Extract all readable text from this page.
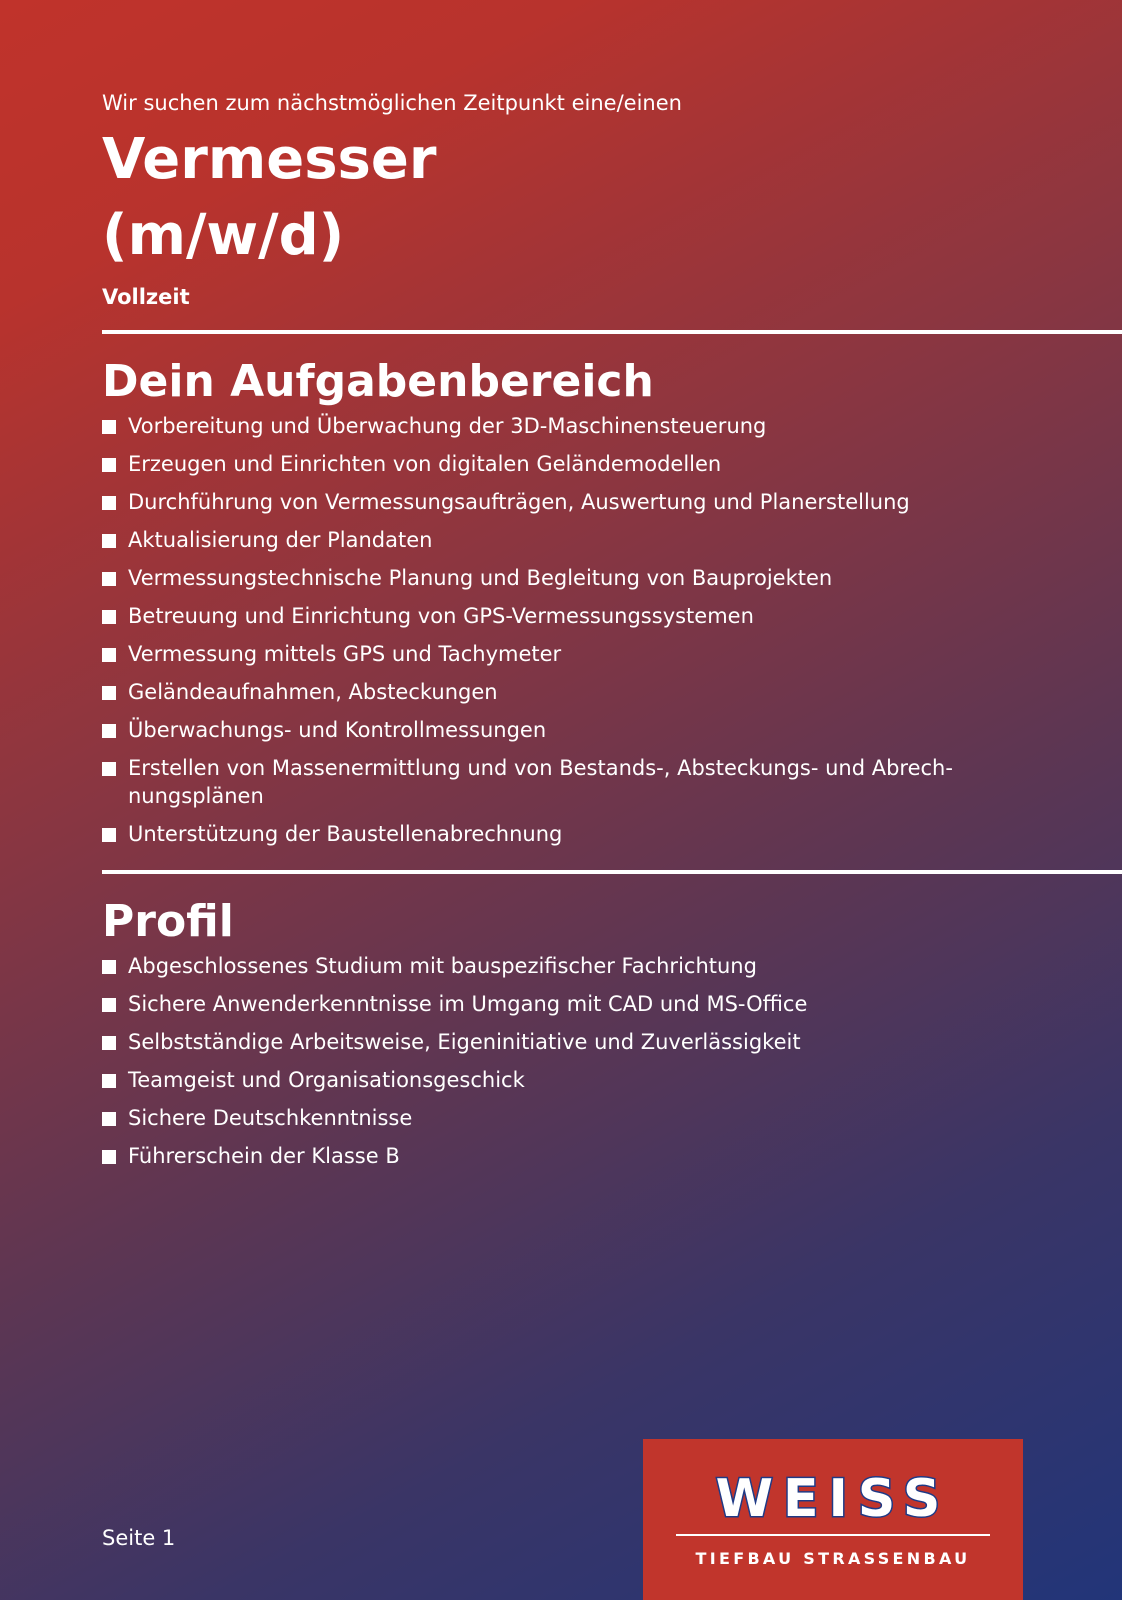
Wir suchen zum nächstmöglichen Zeitpunkt eine/einen

Vermesser
(m/w/d)

Vollzeit

Dein Aufgabenbereich
Vorbereitung und Überwachung der 3D-Maschinensteuerung
Erzeugen und Einrichten von digitalen Geländemodellen
Durchführung von Vermessungsaufträgen, Auswertung und Planerstellung
Aktualisierung der Plandaten
Vermessungstechnische Planung und Begleitung von Bauprojekten
Betreuung und Einrichtung von GPS-Vermessungssystemen
Vermessung mittels GPS und Tachymeter
Geländeaufnahmen, Absteckungen
Überwachungs- und Kontrollmessungen
Erstellen von Massenermittlung und von Bestands-, Absteckungs- und Abrech-nungsplänen
Unterstützung der Baustellenabrechnung
Profil
Abgeschlossenes Studium mit bauspezifischer Fachrichtung
Sichere Anwenderkenntnisse im Umgang mit CAD und MS-Office
Selbstständige Arbeitsweise, Eigeninitiative und Zuverlässigkeit
Teamgeist und Organisationsgeschick
Sichere Deutschkenntnisse
Führerschein der Klasse B
Seite 1
WEISS
TIEFBAU STRASSENBAU
